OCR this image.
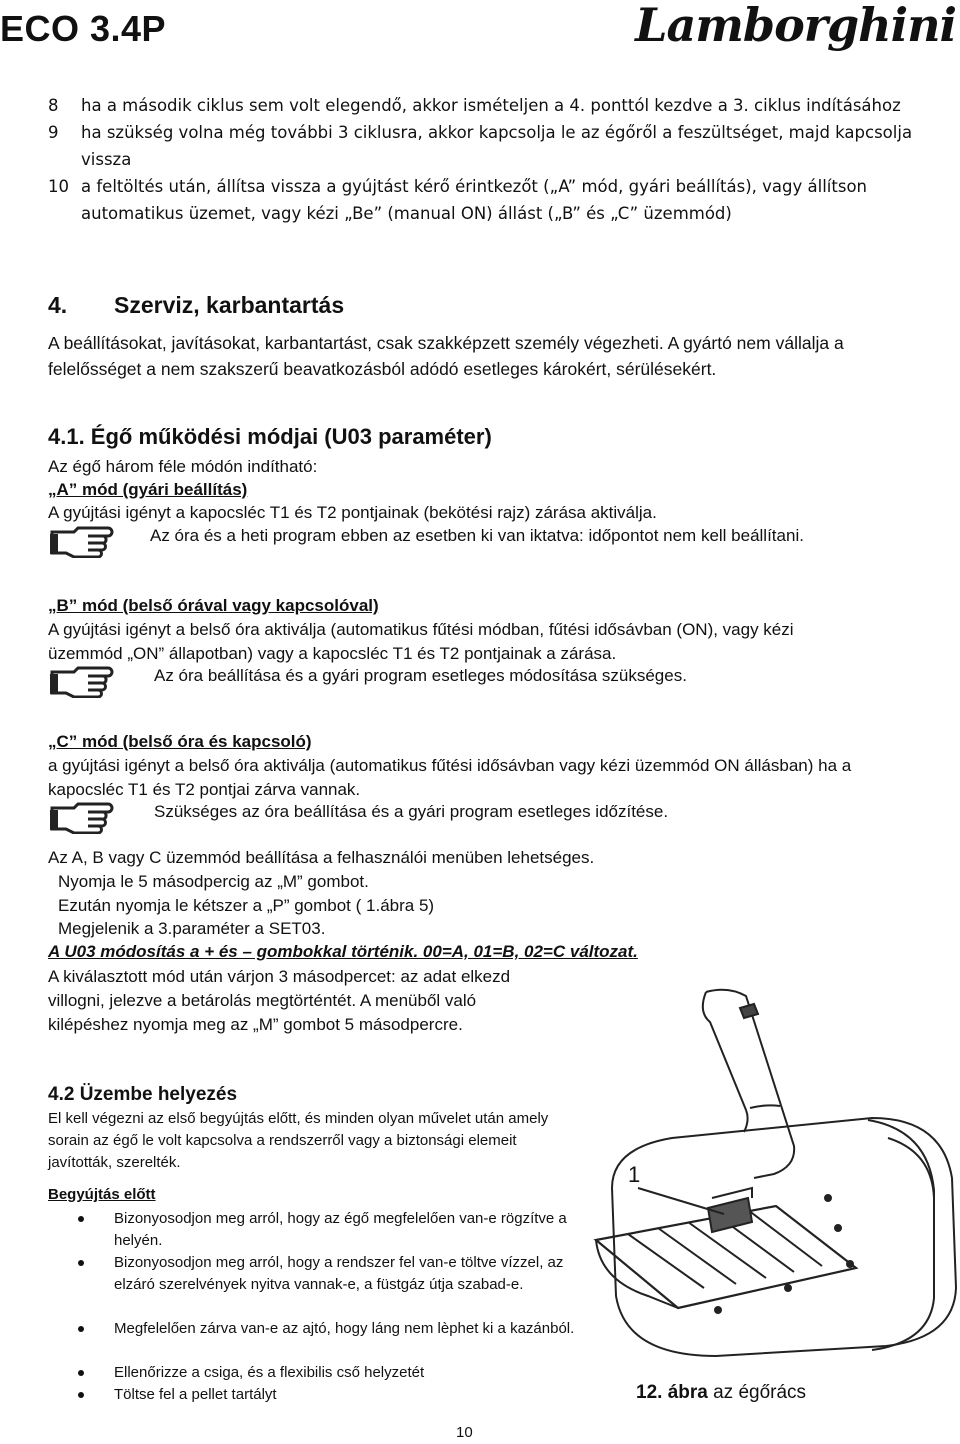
ECO 3.4P	Lamborghini
8 ha a második ciklus sem volt elegendő, akkor ismételjen a 4. ponttól kezdve a 3. ciklus indításához
9 ha szükség volna még további 3 ciklusra, akkor kapcsolja le az égőről a feszültséget, majd kapcsolja vissza
10 a feltöltés után, állítsa vissza a gyújtást kérő érintkezőt („A” mód, gyári beállítás), vagy állítson automatikus üzemet, vagy kézi „Be” (manual ON) állást („B” és „C” üzemmód)
4. Szerviz, karbantartás
A beállításokat, javításokat, karbantartást, csak szakképzett személy végezheti. A gyártó nem vállalja a felelősséget a nem szakszerű beavatkozásból adódó esetleges károkért, sérülésekért.
4.1. Égő működési módjai (U03 paraméter)
Az égő három féle módón indítható:
„A” mód (gyári beállítás)
A gyújtási igényt a kapocsléc T1 és T2 pontjainak (bekötési rajz) zárása aktiválja.
Az óra és a heti program ebben az esetben ki van iktatva: időpontot nem kell beállítani.
„B” mód (belső órával vagy kapcsolóval)
A gyújtási igényt a belső óra aktiválja (automatikus fűtési módban, fűtési idősávban (ON), vagy kézi üzemmód „ON” állapotban) vagy a kapocsléc T1 és T2 pontjainak a zárása.
Az óra beállítása és a gyári program esetleges módosítása szükséges.
„C” mód (belső óra és kapcsoló)
a gyújtási igényt a belső óra aktiválja (automatikus fűtési idősávban vagy kézi üzemmód ON állásban) ha a kapocsléc T1 és T2 pontjai zárva vannak.
Szükséges az óra beállítása és a gyári program esetleges időzítése.
Az A, B vagy C üzemmód beállítása a felhasználói menüben lehetséges.
Nyomja le 5 másodpercig az „M” gombot.
Ezután nyomja le kétszer a „P” gombot ( 1.ábra 5)
Megjelenik a 3.paraméter a SET03.
A U03 módosítás a + és – gombokkal történik. 00=A, 01=B, 02=C változat.
A kiválasztott mód után várjon 3 másodpercet: az adat elkezd villogni, jelezve a betárolás megtörténtét. A menüből való kilépéshez nyomja meg az „M” gombot 5 másodpercre.
4.2 Üzembe helyezés
El kell végezni az első begyújtás előtt, és minden olyan művelet után amely sorain az égő le volt kapcsolva a rendszerről vagy a biztonsági elemeit javították, szerelték.
Begyújtás előtt
Bizonyosodjon meg arról, hogy az égő megfelelően van-e rögzítve a helyén.
Bizonyosodjon meg arról, hogy a rendszer fel van-e töltve vízzel, az elzáró szerelvények nyitva vannak-e, a füstgáz útja szabad-e.
Megfelelően zárva van-e az ajtó, hogy láng nem lèphet ki a kazánból.
Ellenőrizze a csiga, és a flexibilis cső helyzetét
Töltse fel a pellet tartályt
1
12. ábra az égőrács
10
